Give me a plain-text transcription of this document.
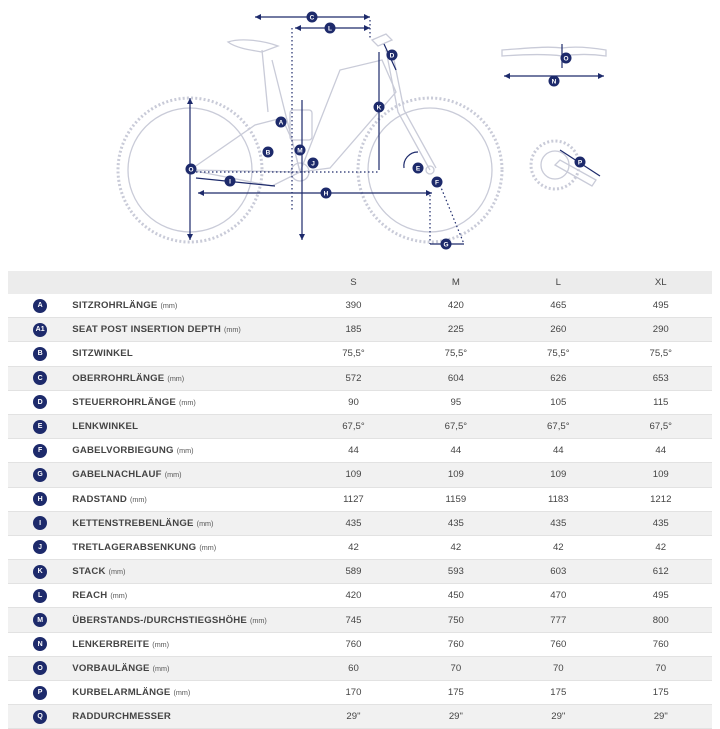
A
B
C
D
E
F
G
H
I
J
K
L
M
N
O
P
O
		S	M	L	XL
A	SITZROHRLÄNGE (mm)	390	420	465	495
A1	SEAT POST INSERTION DEPTH (mm)	185	225	260	290
B	SITZWINKEL	75,5°	75,5°	75,5°	75,5°
C	OBERROHRLÄNGE (mm)	572	604	626	653
D	STEUERROHRLÄNGE (mm)	90	95	105	115
E	LENKWINKEL	67,5°	67,5°	67,5°	67,5°
F	GABELVORBIEGUNG (mm)	44	44	44	44
G	GABELNACHLAUF (mm)	109	109	109	109
H	RADSTAND (mm)	1127	1159	1183	1212
I	KETTENSTREBENLÄNGE (mm)	435	435	435	435
J	TRETLAGERABSENKUNG (mm)	42	42	42	42
K	STACK (mm)	589	593	603	612
L	REACH (mm)	420	450	470	495
M	ÜBERSTANDS-/DURCHSTIEGSHÖHE (mm)	745	750	777	800
N	LENKERBREITE (mm)	760	760	760	760
O	VORBAULÄNGE (mm)	60	70	70	70
P	KURBELARMLÄNGE (mm)	170	175	175	175
Q	RADDURCHMESSER	29"	29"	29"	29"
